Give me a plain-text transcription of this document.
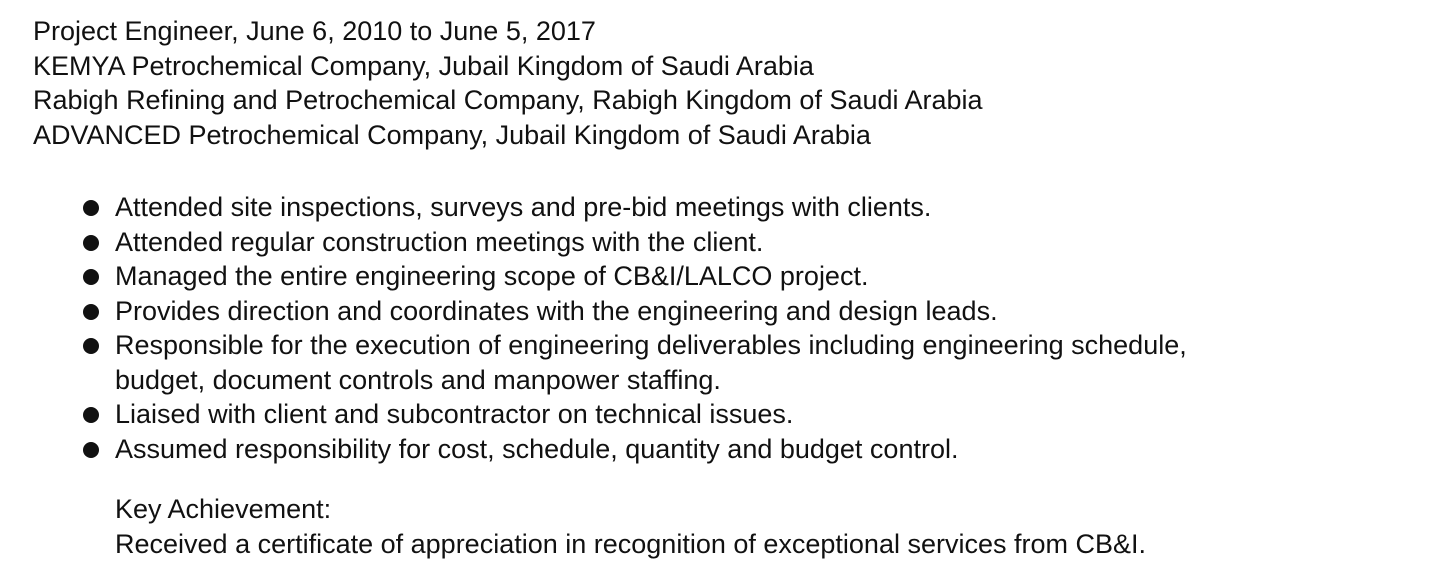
Project Engineer, June 6, 2010 to June 5, 2017
KEMYA Petrochemical Company, Jubail Kingdom of Saudi Arabia
Rabigh Refining and Petrochemical Company, Rabigh Kingdom of Saudi Arabia
ADVANCED Petrochemical Company, Jubail Kingdom of Saudi Arabia
Attended site inspections, surveys and pre-bid meetings with clients.
Attended regular construction meetings with the client.
Managed the entire engineering scope of CB&I/LALCO project.
Provides direction and coordinates with the engineering and design leads.
Responsible for the execution of engineering deliverables including engineering schedule, budget, document controls and manpower staffing.
Liaised with client and subcontractor on technical issues.
Assumed responsibility for cost, schedule, quantity and budget control.
Key Achievement:
Received a certificate of appreciation in recognition of exceptional services from CB&I.
